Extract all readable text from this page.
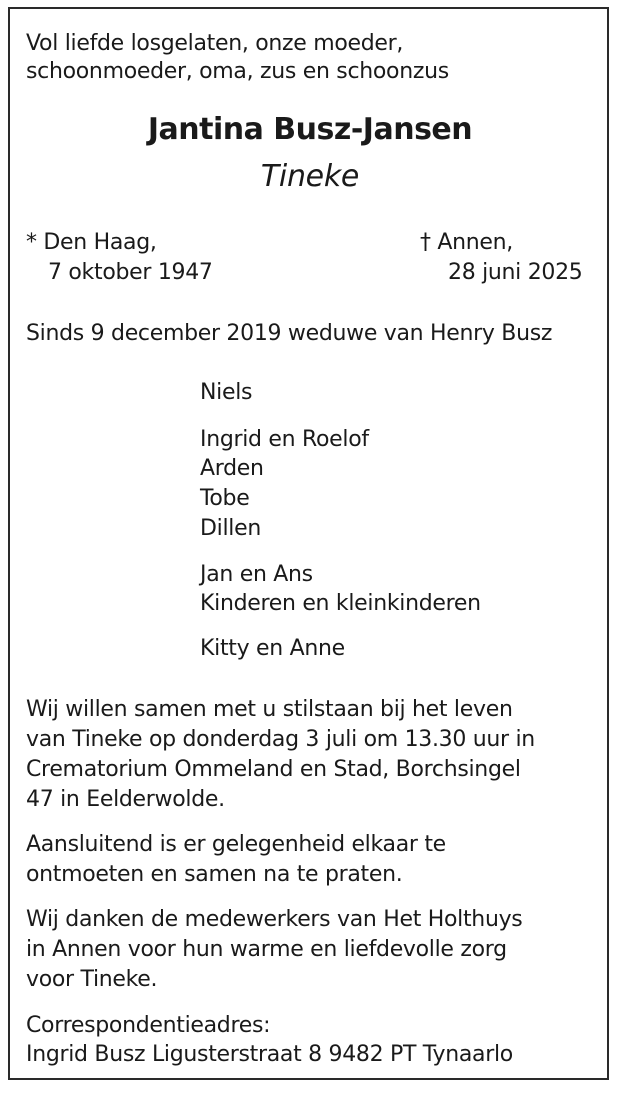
Vol liefde losgelaten, onze moeder,
schoonmoeder, oma, zus en schoonzus
Jantina Busz-Jansen
Tineke
* Den Haag,
7 oktober 1947
† Annen,
28 juni 2025
Sinds 9 december 2019 weduwe van Henry Busz
Niels
Ingrid en Roelof
Arden
Tobe
Dillen
Jan en Ans
Kinderen en kleinkinderen
Kitty en Anne
Wij willen samen met u stilstaan bij het leven
van Tineke op donderdag 3 juli om 13.30 uur in
Crematorium Ommeland en Stad, Borchsingel
47 in Eelderwolde.
Aansluitend is er gelegenheid elkaar te
ontmoeten en samen na te praten.
Wij danken de medewerkers van Het Holthuys
in Annen voor hun warme en liefdevolle zorg
voor Tineke.
Correspondentieadres:
Ingrid Busz Ligusterstraat 8 9482 PT Tynaarlo
